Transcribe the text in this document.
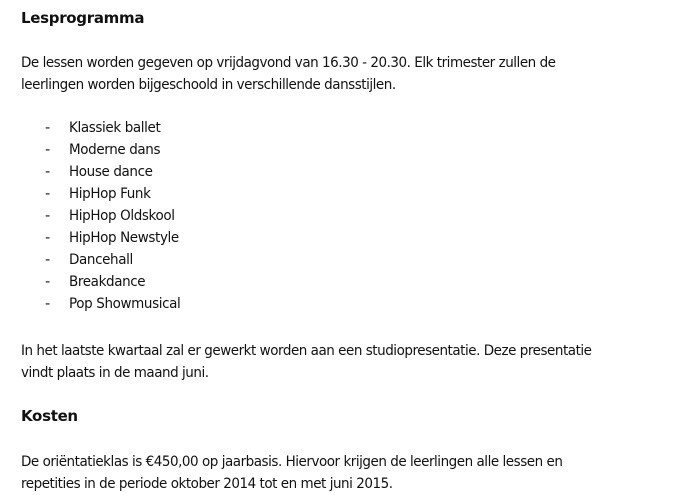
Lesprogramma
De lessen worden gegeven op vrijdagvond van 16.30 - 20.30. Elk trimester zullen de leerlingen worden bijgeschoold in verschillende dansstijlen.
- Klassiek ballet
- Moderne dans
- House dance
- HipHop Funk
- HipHop Oldskool
- HipHop Newstyle
- Dancehall
- Breakdance
- Pop Showmusical
In het laatste kwartaal zal er gewerkt worden aan een studiopresentatie. Deze presentatie vindt plaats in de maand juni.
Kosten
De oriëntatieklas is €450,00 op jaarbasis. Hiervoor krijgen de leerlingen alle lessen en repetities in de periode oktober 2014 tot en met juni 2015.
